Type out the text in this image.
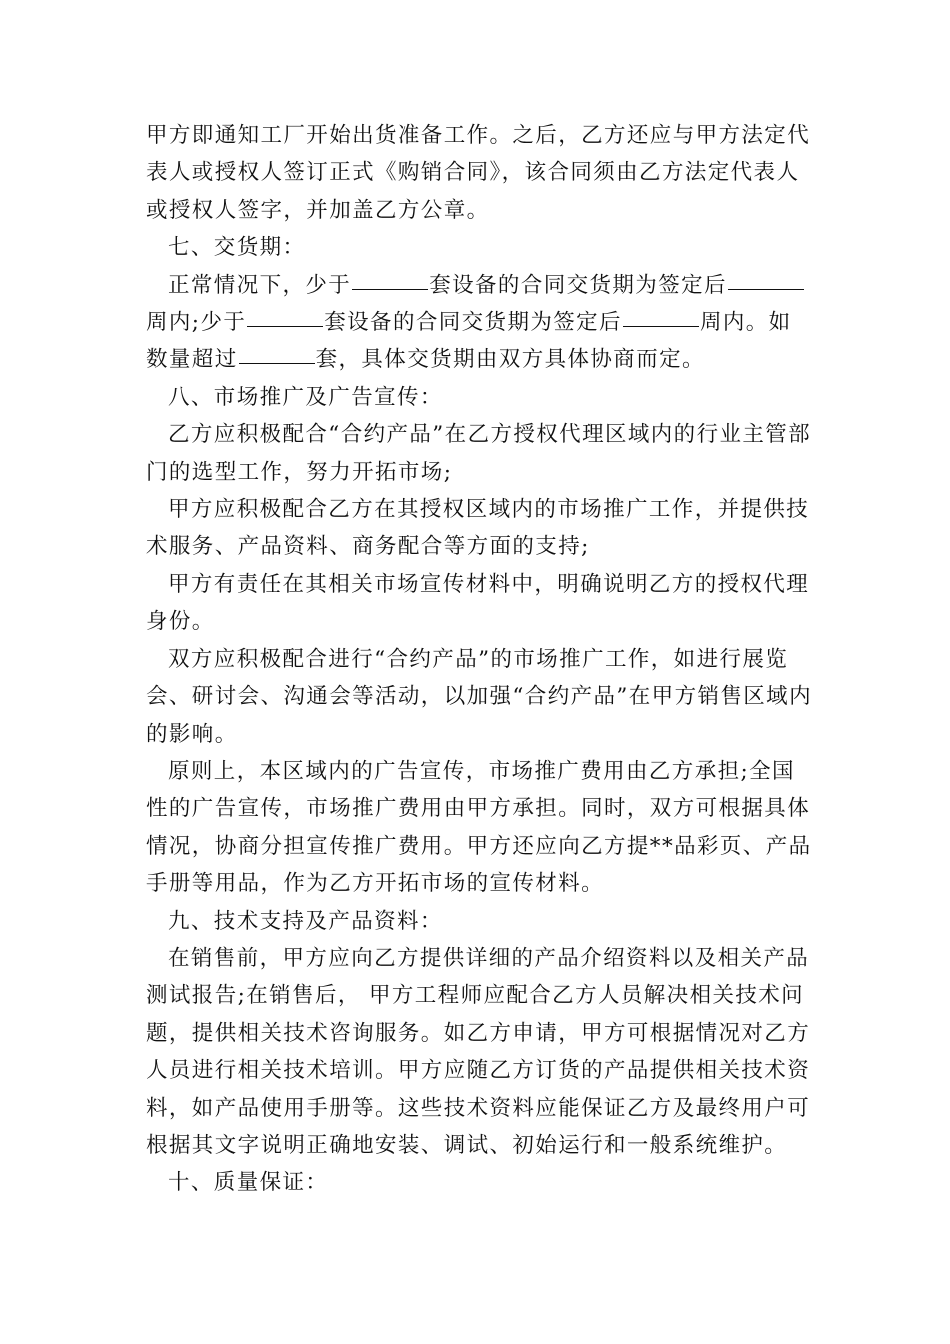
甲方即通知工厂开始出货准备工作。之后，乙方还应与甲方法定代表人或授权人签订正式《购销合同》，该合同须由乙方法定代表人或授权人签字，并加盖乙方公章。

七、交货期：

正常情况下，少于	套设备的合同交货期为签定后周内;少于	套设备的合同交货期为签定后	周内。如数量超过	套，具体交货期由双方具体协商而定。

八、市场推广及广告宣传：

乙方应积极配合“合约产品”在乙方授权代理区域内的行业主管部门的选型工作，努力开拓市场;

甲方应积极配合乙方在其授权区域内的市场推广工作，并提供技术服务、产品资料、商务配合等方面的支持;

甲方有责任在其相关市场宣传材料中，明确说明乙方的授权代理身份。

双方应积极配合进行“合约产品”的市场推广工作，如进行展览会、研讨会、沟通会等活动，以加强“合约产品”在甲方销售区域内的影响。

原则上，本区域内的广告宣传，市场推广费用由乙方承担;全国性的广告宣传，市场推广费用由甲方承担。同时，双方可根据具体情况，协商分担宣传推广费用。甲方还应向乙方提**品彩页、产品手册等用品，作为乙方开拓市场的宣传材料。

九、技术支持及产品资料：

在销售前，甲方应向乙方提供详细的产品介绍资料以及相关产品测试报告;在销售后， 甲方工程师应配合乙方人员解决相关技术问题，提供相关技术咨询服务。如乙方申请，甲方可根据情况对乙方人员进行相关技术培训。甲方应随乙方订货的产品提供相关技术资料，如产品使用手册等。这些技术资料应能保证乙方及最终用户可根据其文字说明正确地安装、调试、初始运行和一般系统维护。

十、质量保证：
